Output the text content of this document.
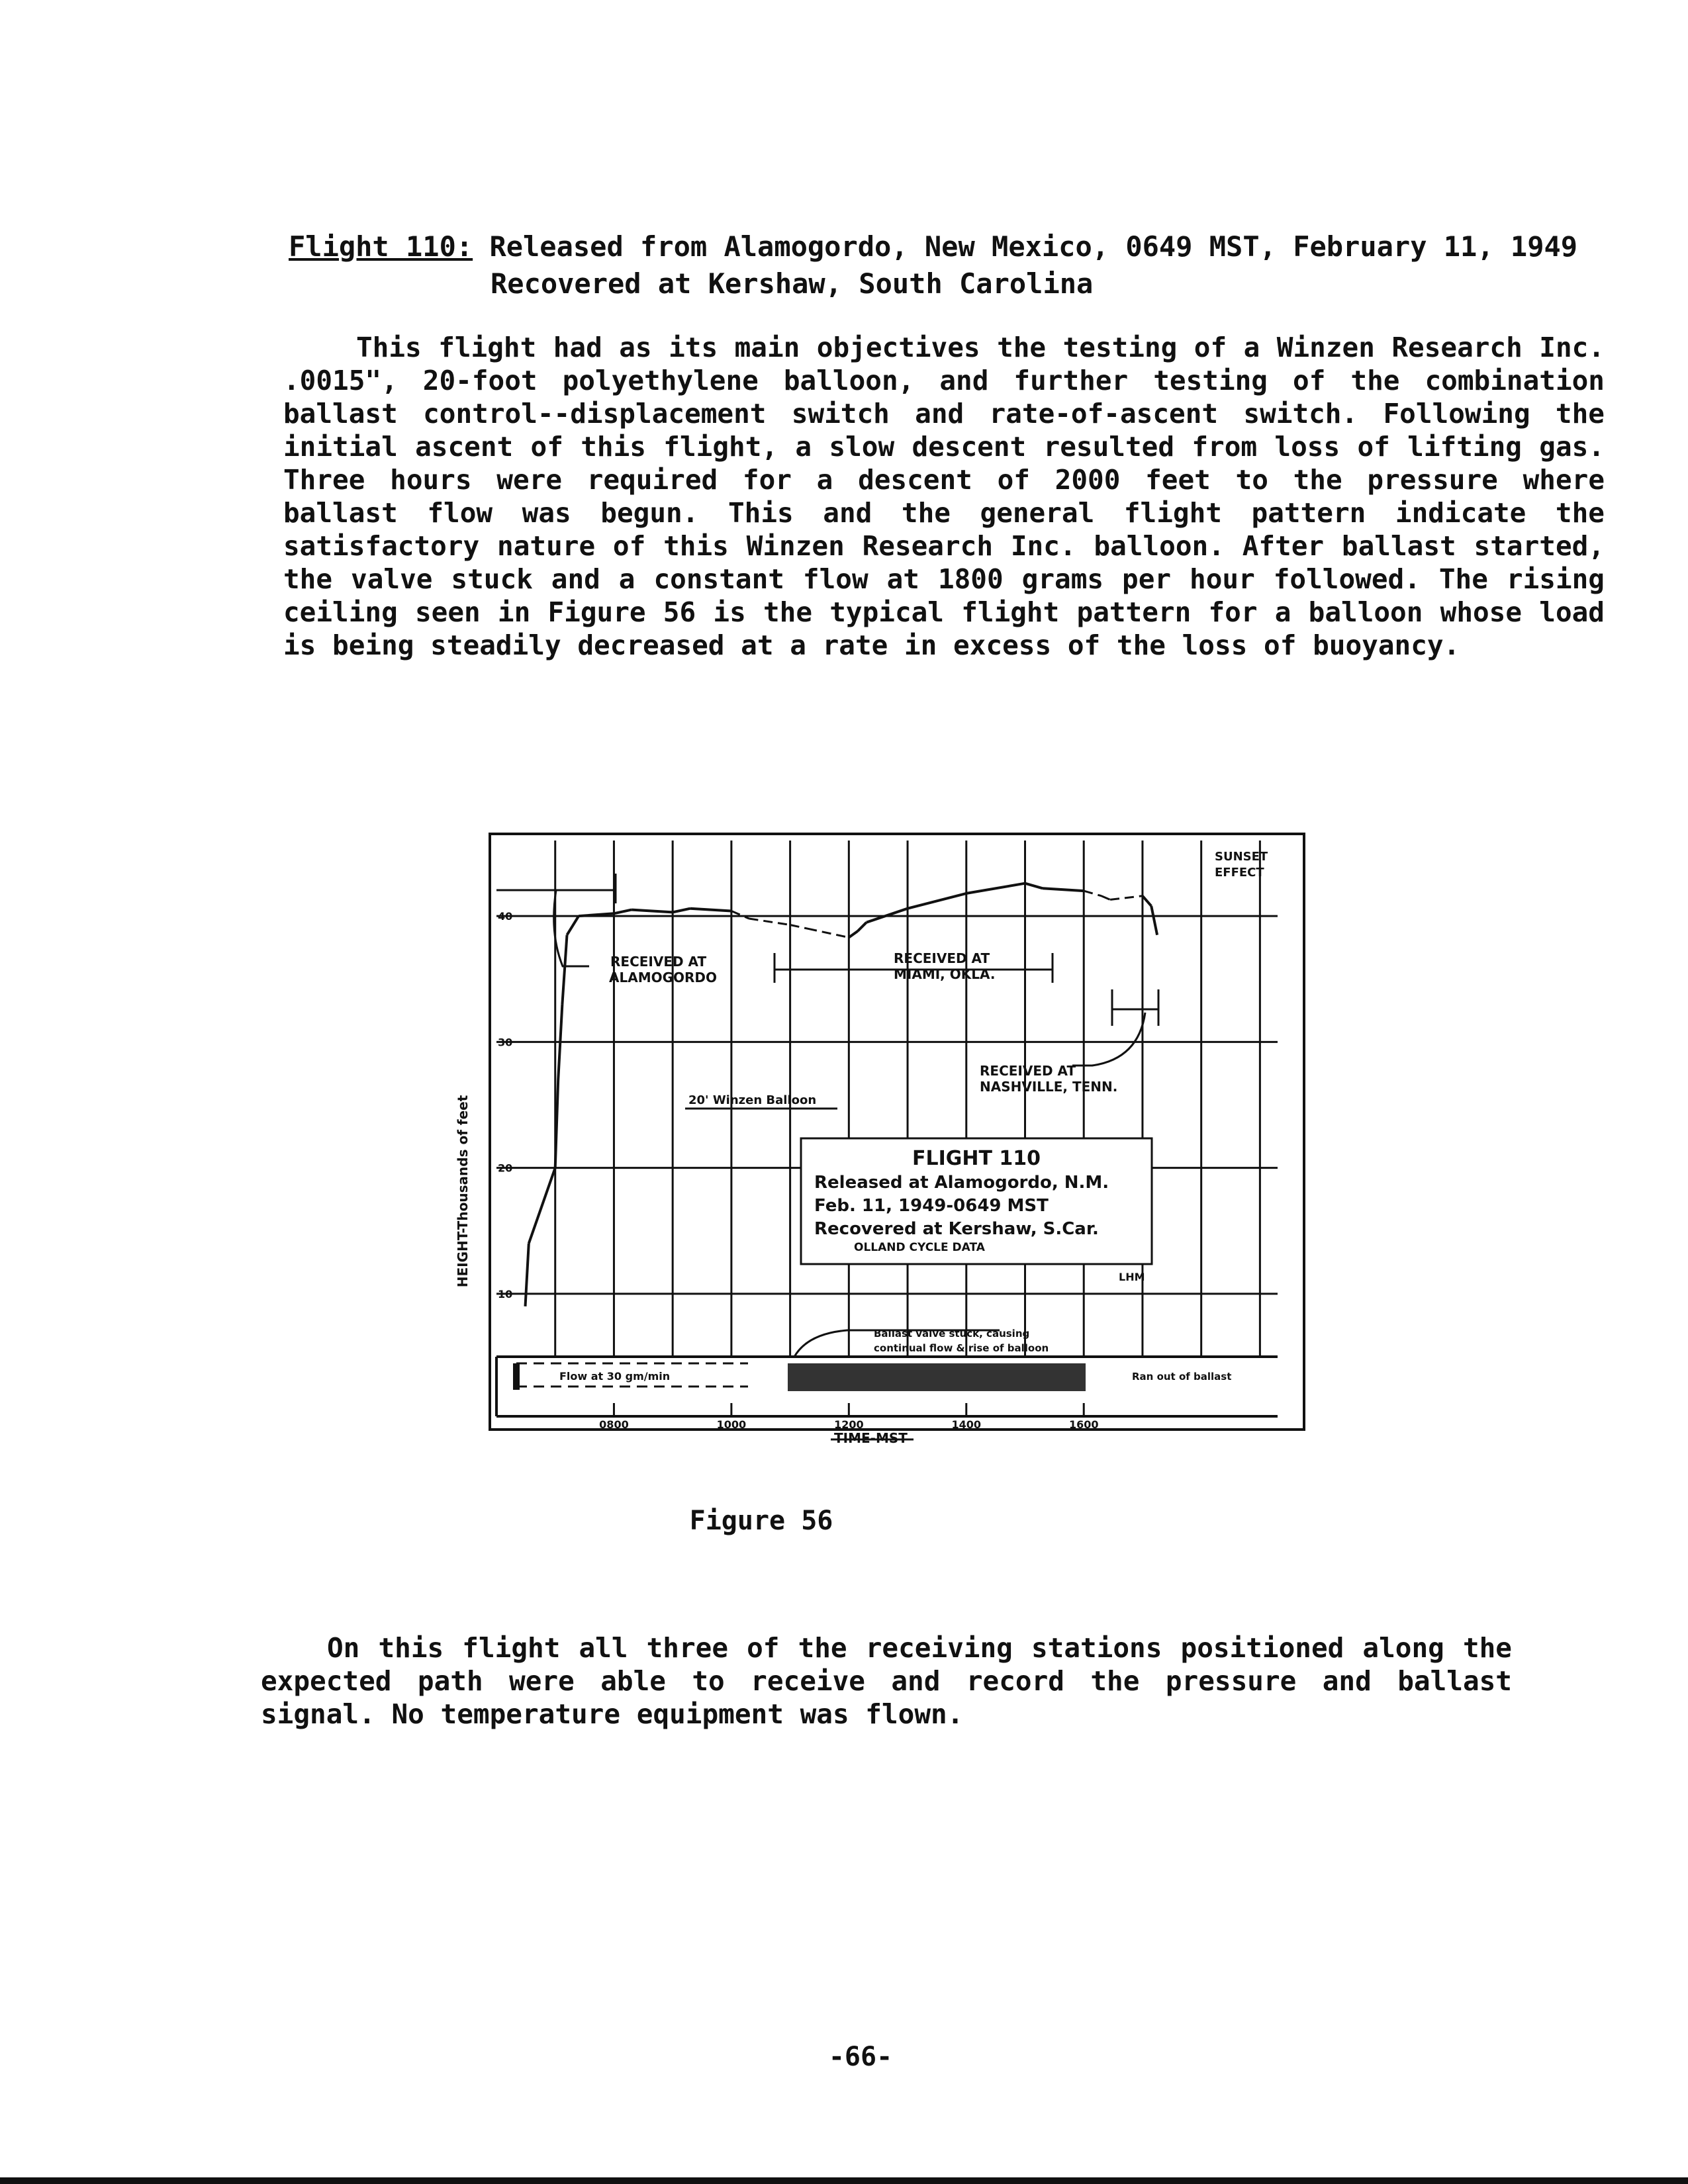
Flight 110: Released from Alamogordo, New Mexico, 0649 MST, February 11, 1949
Recovered at Kershaw, South Carolina

This flight had as its main objectives the testing of a Winzen Research Inc. .0015", 20-foot polyethylene balloon, and further testing of the combination ballast control--displacement switch and rate-of-ascent switch. Following the initial ascent of this flight, a slow descent resulted from loss of lifting gas. Three hours were required for a descent of 2000 feet to the pressure where ballast flow was begun. This and the general flight pattern indicate the satisfactory nature of this Winzen Research Inc. balloon. After ballast started, the valve stuck and a constant flow at 1800 grams per hour followed. The rising ceiling seen in Figure 56 is the typical flight pattern for a balloon whose load is being steadily decreased at a rate in excess of the loss of buoyancy.

0800	1000	1200	1400	1600
10
20
30
40
RECEIVED AT ALAMOGORDO
RECEIVED AT MIAMI, OKLA.
RECEIVED AT NASHVILLE, TENN.
20' Winzen Balloon
SUNSET EFFECT
Ballast valve stuck, causing continual flow & rise of balloon
Flow at 30 gm/min	Ran out of ballast
LHM
FLIGHT 110
Released at Alamogordo, N.M.
Feb. 11, 1949-0649 MST
Recovered at Kershaw, S.Car.
OLLAND CYCLE DATA
HEIGHT-Thousands of feet
TIME-MST
Figure 56

On this flight all three of the receiving stations positioned along the expected path were able to receive and record the pressure and ballast signal. No temperature equipment was flown.

-66-
